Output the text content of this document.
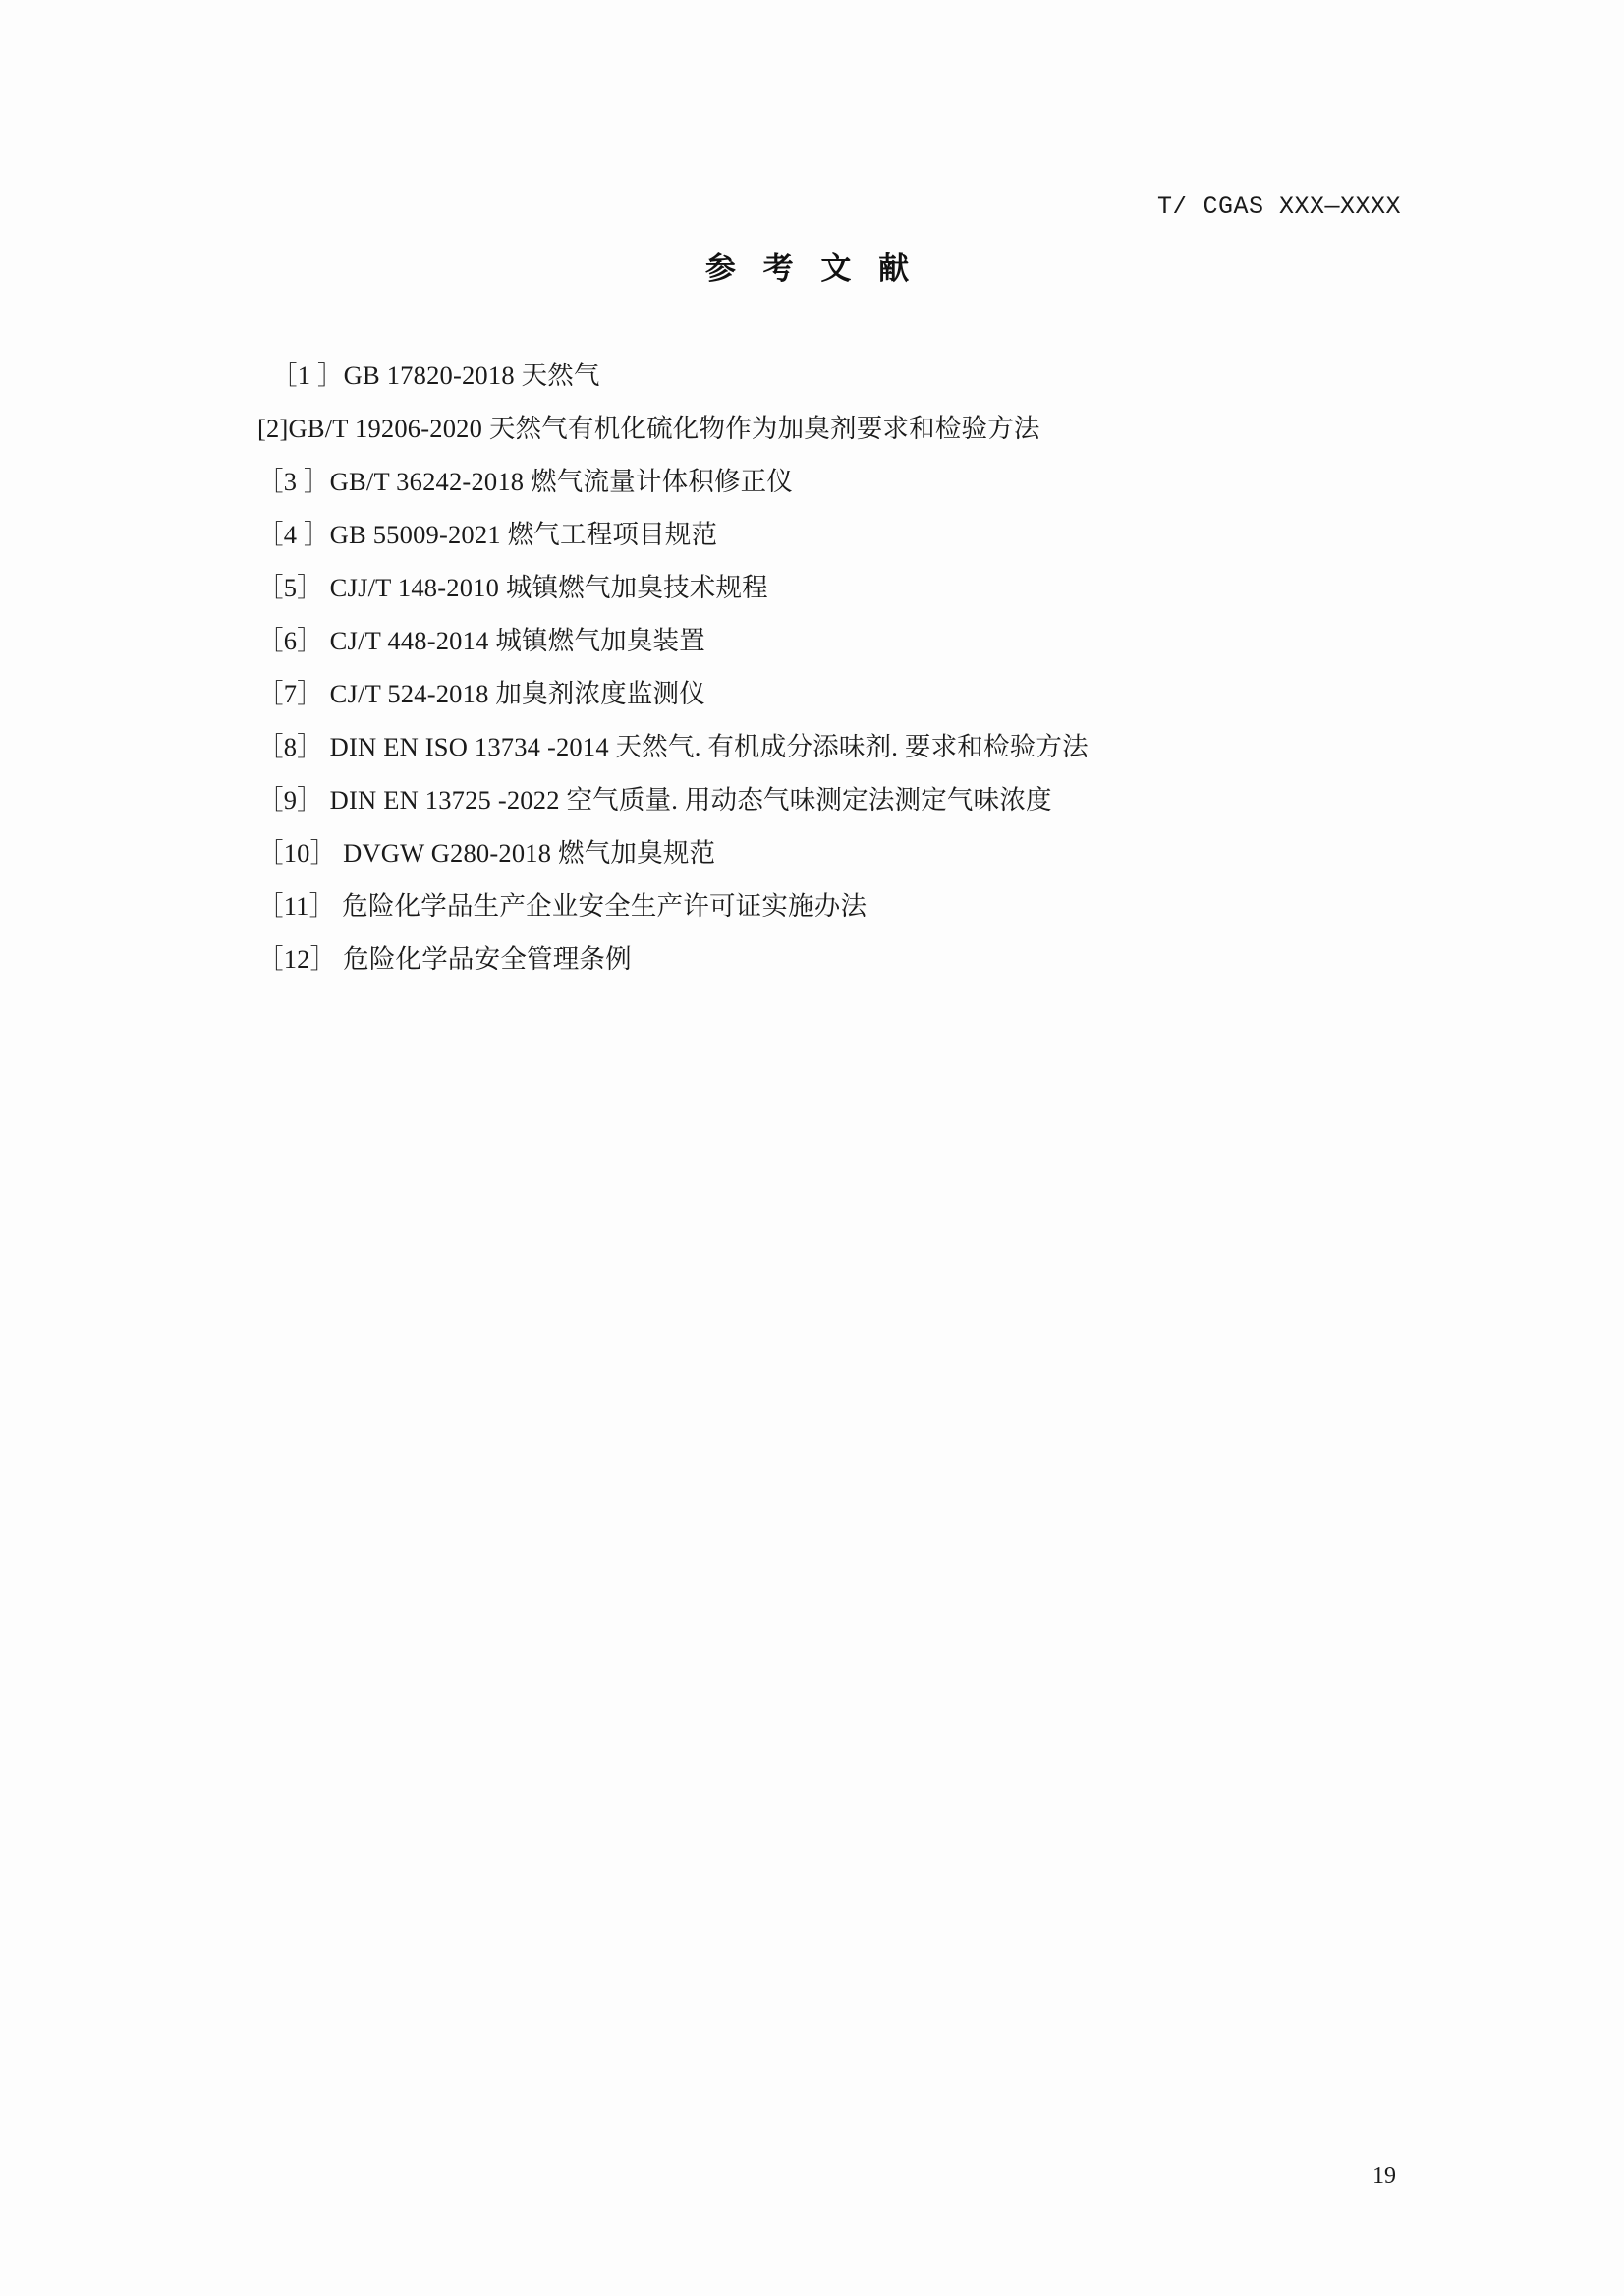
T/ CGAS XXX—XXXX
参 考 文 献
［1 ］GB 17820-2018 天然气
[2]GB/T 19206-2020 天然气有机化硫化物作为加臭剂要求和检验方法
［3 ］GB/T 36242-2018 燃气流量计体积修正仪
［4 ］GB 55009-2021 燃气工程项目规范
［5］ CJJ/T 148-2010 城镇燃气加臭技术规程
［6］ CJ/T 448-2014 城镇燃气加臭装置
［7］ CJ/T 524-2018 加臭剂浓度监测仪
［8］ DIN EN ISO 13734 -2014 天然气. 有机成分添味剂. 要求和检验方法
［9］ DIN EN 13725 -2022 空气质量. 用动态气味测定法测定气味浓度
［10］ DVGW G280-2018 燃气加臭规范
［11］ 危险化学品生产企业安全生产许可证实施办法
［12］ 危险化学品安全管理条例
19
